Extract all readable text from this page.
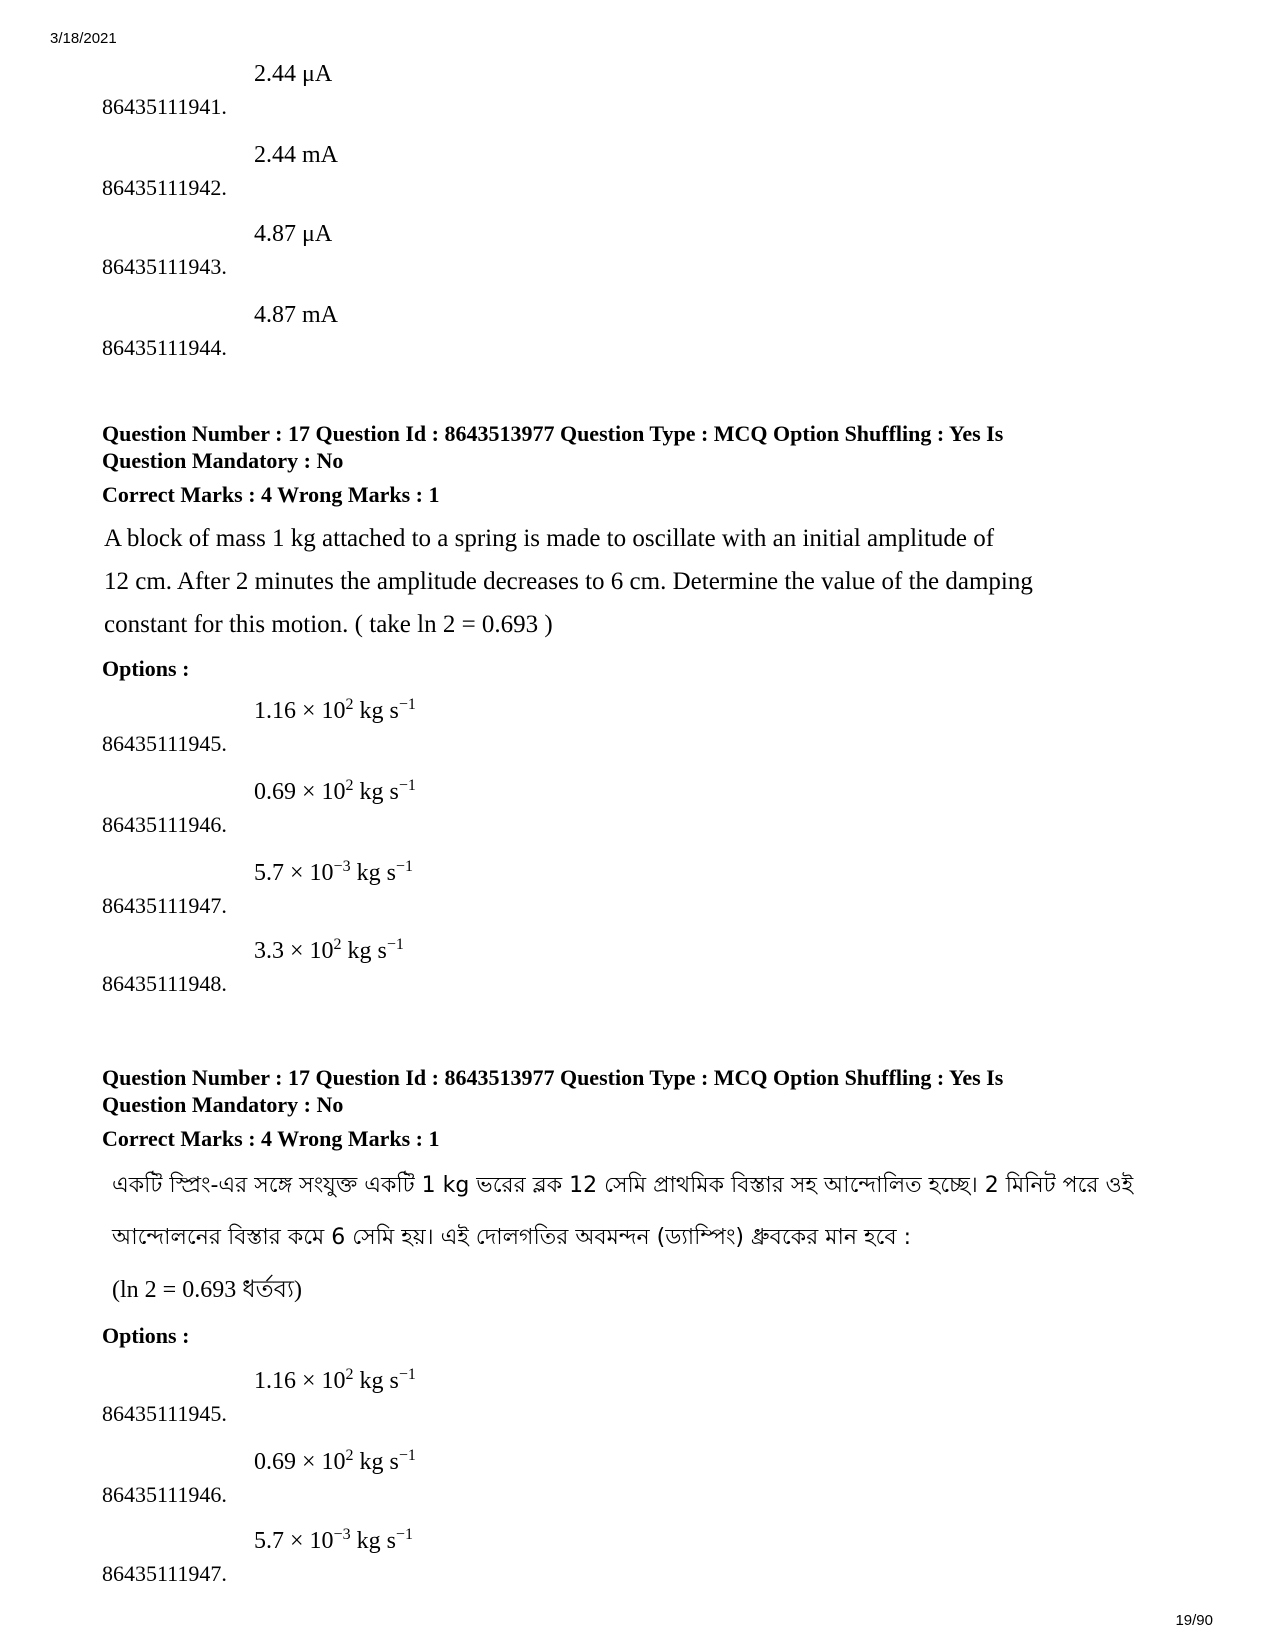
3/18/2021
86435111941.
2.44 μA
86435111942.
2.44 mA
86435111943.
4.87 μA
86435111944.
4.87 mA
Question Number : 17 Question Id : 8643513977 Question Type : MCQ Option Shuffling : Yes Is
Question Mandatory : No
Correct Marks : 4 Wrong Marks : 1
A block of mass 1 kg attached to a spring is made to oscillate with an initial amplitude of
12 cm. After 2 minutes the amplitude decreases to 6 cm. Determine the value of the damping
constant for this motion. ( take ln 2 = 0.693 )
Options :
86435111945.
$1.16 \times 10^2$ kg $s^{-1}$
86435111946.
$0.69 \times 10^2$ kg $s^{-1}$
86435111947.
$5.7 \times 10^{-3}$ kg $s^{-1}$
86435111948.
$3.3 \times 10^2$ kg $s^{-1}$
Question Number : 17 Question Id : 8643513977 Question Type : MCQ Option Shuffling : Yes Is
Question Mandatory : No
Correct Marks : 4 Wrong Marks : 1
একটি স্প্রিং-এর সঙ্গে সংযুক্ত একটি 1 kg ভরের ব্লক 12 সেমি প্রাথমিক বিস্তার সহ আন্দোলিত হচ্ছে। 2 মিনিট পরে ওই
আন্দোলনের বিস্তার কমে 6 সেমি হয়। এই দোলগতির অবমন্দন (ড্যাম্পিং) ধ্রুবকের মান হবে :
(ln 2 = 0.693 ধর্তব্য)
Options :
86435111945.
$1.16 \times 10^2$ kg $s^{-1}$
86435111946.
$0.69 \times 10^2$ kg $s^{-1}$
86435111947.
$5.7 \times 10^{-3}$ kg $s^{-1}$
19/90
